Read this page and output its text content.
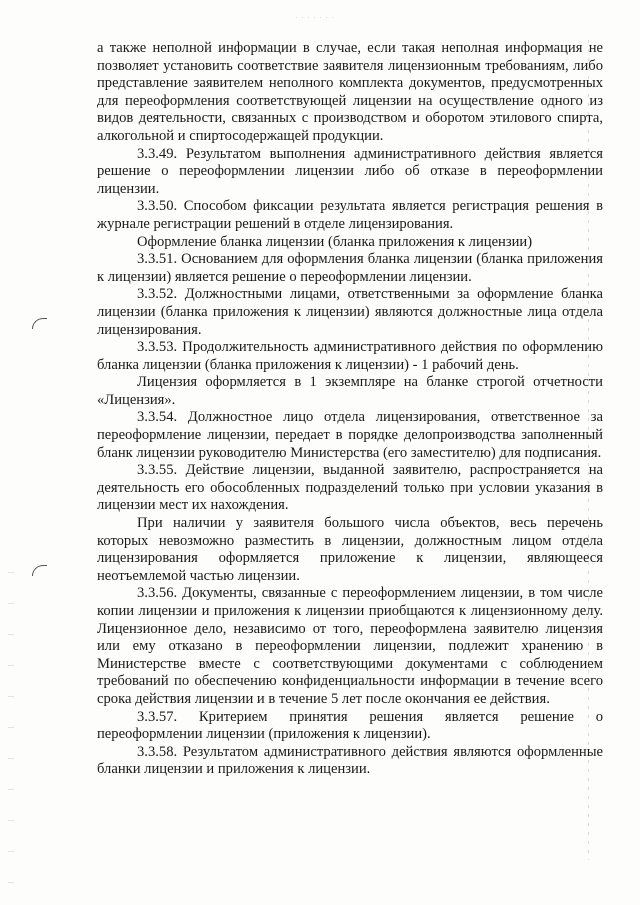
· · · · · · ·

а также неполной информации в случае, если такая неполная информация не позволяет установить соответствие заявителя лицензионным требованиям, либо представление заявителем неполного комплекта документов, предусмотренных для переоформления соответствующей лицензии на осуществление одного из видов деятельности, связанных с производством и оборотом этилового спирта, алкогольной и спиртосодержащей продукции.

3.3.49. Результатом выполнения административного действия является решение о переоформлении лицензии либо об отказе в переоформлении лицензии.

3.3.50. Способом фиксации результата является регистрация решения в журнале регистрации решений в отделе лицензирования.

Оформление бланка лицензии (бланка приложения к лицензии)

3.3.51. Основанием для оформления бланка лицензии (бланка приложения к лицензии) является решение о переоформлении лицензии.

3.3.52. Должностными лицами, ответственными за оформление бланка лицензии (бланка приложения к лицензии) являются должностные лица отдела лицензирования.

3.3.53. Продолжительность административного действия по оформлению бланка лицензии (бланка приложения к лицензии) - 1 рабочий день.

Лицензия оформляется в 1 экземпляре на бланке строгой отчетности «Лицензия».

3.3.54. Должностное лицо отдела лицензирования, ответственное за переоформление лицензии, передает в порядке делопроизводства заполненный бланк лицензии руководителю Министерства (его заместителю) для подписания.

3.3.55. Действие лицензии, выданной заявителю, распространяется на деятельность его обособленных подразделений только при условии указания в лицензии мест их нахождения.

При наличии у заявителя большого числа объектов, весь перечень которых невозможно разместить в лицензии, должностным лицом отдела лицензирования оформляется приложение к лицензии, являющееся неотъемлемой частью лицензии.

3.3.56. Документы, связанные с переоформлением лицензии, в том числе копии лицензии и приложения к лицензии приобщаются к лицензионному делу. Лицензионное дело, независимо от того, переоформлена заявителю лицензия или ему отказано в переоформлении лицензии, подлежит хранению в Министерстве вместе с соответствующими документами с соблюдением требований по обеспечению конфиденциальности информации в течение всего срока действия лицензии и в течение 5 лет после окончания ее действия.

3.3.57. Критерием принятия решения является решение о переоформлении лицензии (приложения к лицензии).

3.3.58. Результатом административного действия являются оформленные бланки лицензии и приложения к лицензии.
